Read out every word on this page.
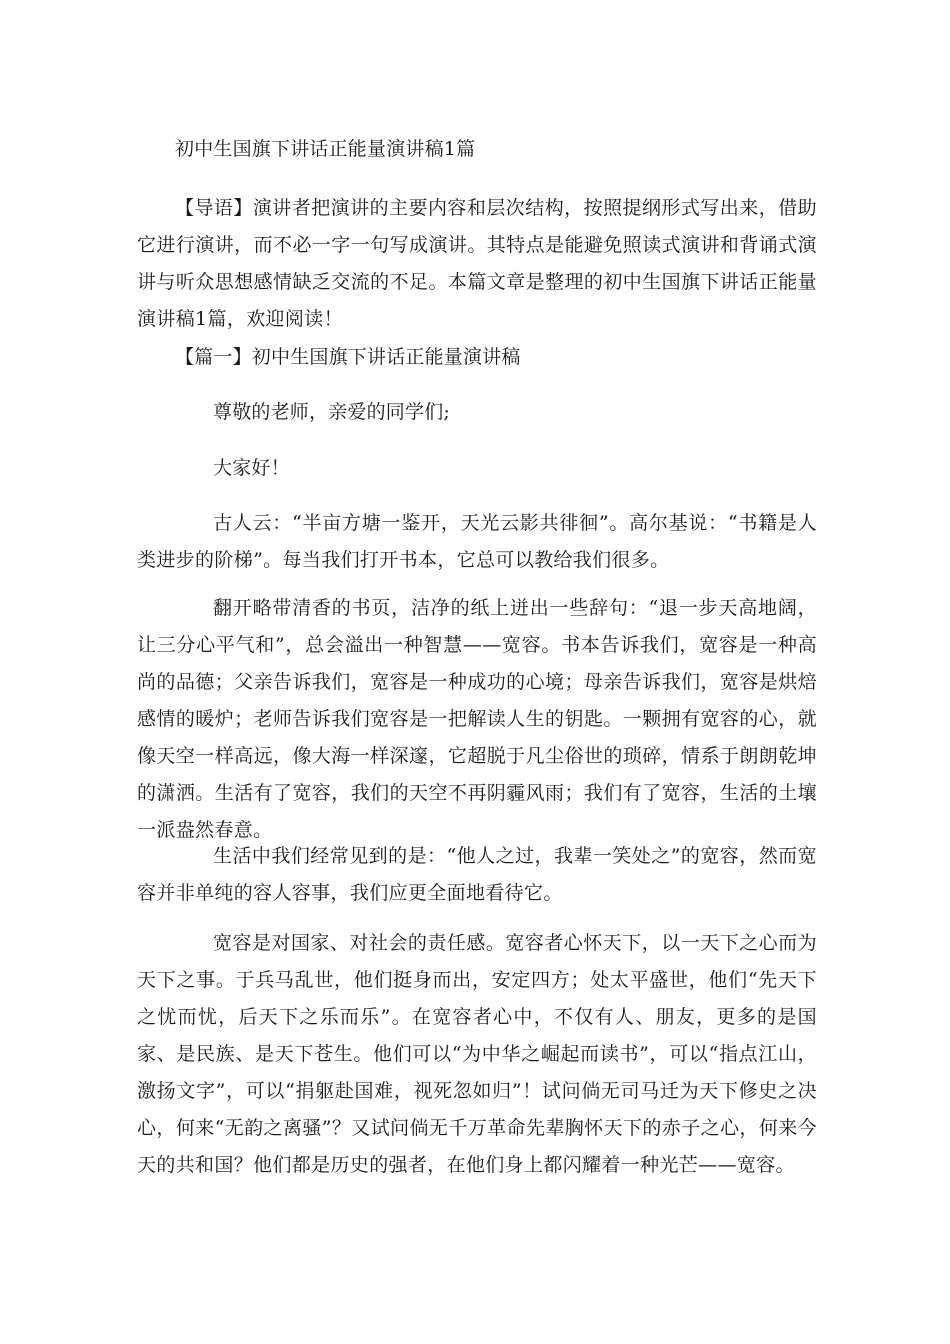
初中生国旗下讲话正能量演讲稿1篇
【导语】演讲者把演讲的主要内容和层次结构，按照提纲形式写出来，借助它进行演讲，而不必一字一句写成演讲。其特点是能避免照读式演讲和背诵式演讲与听众思想感情缺乏交流的不足。本篇文章是整理的初中生国旗下讲话正能量演讲稿1篇，欢迎阅读！
【篇一】初中生国旗下讲话正能量演讲稿
尊敬的老师，亲爱的同学们;
大家好！
古人云：“半亩方塘一鉴开，天光云影共徘徊”。高尔基说：“书籍是人类进步的阶梯”。每当我们打开书本，它总可以教给我们很多。
翻开略带清香的书页，洁净的纸上迸出一些辞句：“退一步天高地阔，让三分心平气和”，总会溢出一种智慧——宽容。书本告诉我们，宽容是一种高尚的品德；父亲告诉我们，宽容是一种成功的心境；母亲告诉我们，宽容是烘焙感情的暖炉；老师告诉我们宽容是一把解读人生的钥匙。一颗拥有宽容的心，就像天空一样高远，像大海一样深邃，它超脱于凡尘俗世的琐碎，情系于朗朗乾坤的潇洒。生活有了宽容，我们的天空不再阴霾风雨；我们有了宽容，生活的土壤一派盎然春意。
生活中我们经常见到的是：“他人之过，我辈一笑处之”的宽容，然而宽容并非单纯的容人容事，我们应更全面地看待它。
宽容是对国家、对社会的责任感。宽容者心怀天下，以一天下之心而为天下之事。于兵马乱世，他们挺身而出，安定四方；处太平盛世，他们“先天下之忧而忧，后天下之乐而乐”。在宽容者心中，不仅有人、朋友，更多的是国家、是民族、是天下苍生。他们可以“为中华之崛起而读书”，可以“指点江山，激扬文字”，可以“捐躯赴国难，视死忽如归”！试问倘无司马迁为天下修史之决心，何来“无韵之离骚”？又试问倘无千万革命先辈胸怀天下的赤子之心，何来今天的共和国？他们都是历史的强者，在他们身上都闪耀着一种光芒——宽容。
